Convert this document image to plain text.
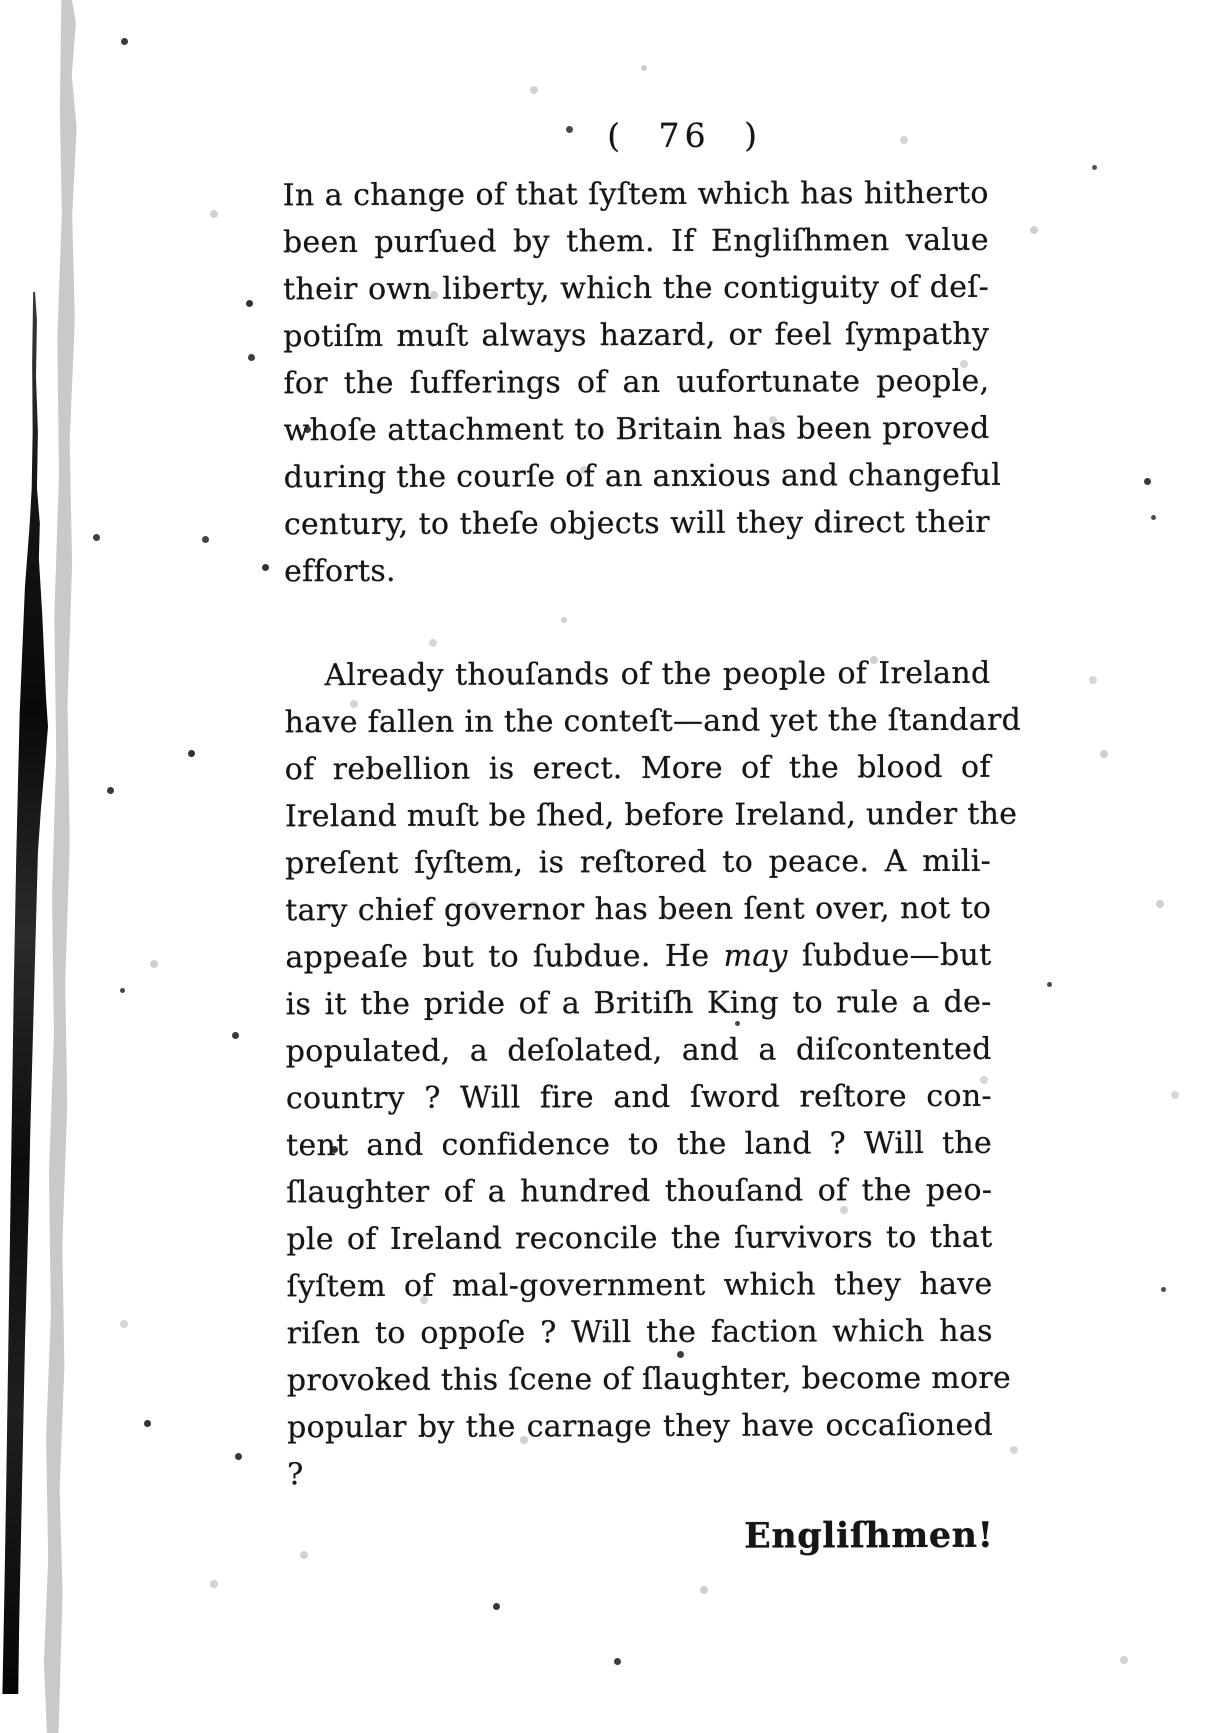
( 76 )
In a change of that ſyſtem which has hitherto
been purſued by them. If Engliſhmen value
their own liberty, which the contiguity of deſ-
potiſm muſt always hazard, or feel ſympathy
for the ſufferings of an uufortunate people,
whoſe attachment to Britain has been proved
during the courſe of an anxious and changeful
century, to theſe objects will they direct their
efforts.
Already thouſands of the people of Ireland
have fallen in the conteſt—and yet the ſtandard
of rebellion is erect. More of the blood of
Ireland muſt be ſhed, before Ireland, under the
preſent ſyſtem, is reſtored to peace. A mili-
tary chief governor has been ſent over, not to
appeaſe but to ſubdue. He may ſubdue—but
is it the pride of a Britiſh King to rule a de-
populated, a deſolated, and a diſcontented
country ? Will fire and ſword reſtore con-
tent and confidence to the land ? Will the
ſlaughter of a hundred thouſand of the peo-
ple of Ireland reconcile the ſurvivors to that
ſyſtem of mal-government which they have
riſen to oppoſe ? Will the faction which has
provoked this ſcene of ſlaughter, become more
popular by the carnage they have occaſioned ?
Engliſhmen!
